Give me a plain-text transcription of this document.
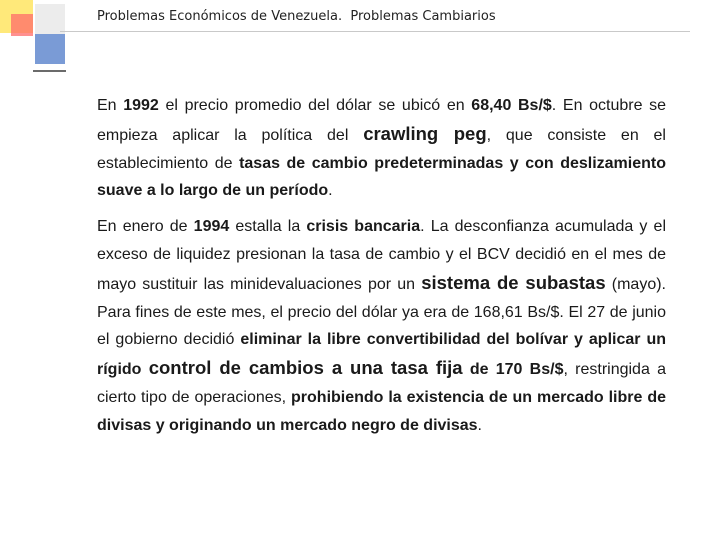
Problemas Económicos de Venezuela.  Problemas Cambiarios

En 1992 el precio promedio del dólar se ubicó en 68,40 Bs/$. En octubre se empieza aplicar la política del crawling peg, que consiste en el establecimiento de tasas de cambio predeterminadas y con deslizamiento suave a lo largo de un período.

En enero de 1994 estalla la crisis bancaria. La desconfianza acumulada y el exceso de liquidez presionan la tasa de cambio y el BCV decidió en el mes de mayo sustituir las minidevaluaciones por un sistema de subastas (mayo). Para fines de este mes, el precio del dólar ya era de 168,61 Bs/$. El 27 de junio el gobierno decidió eliminar la libre convertibilidad del bolívar y aplicar un rígido control de cambios a una tasa fija de 170 Bs/$, restringida a cierto tipo de operaciones, prohibiendo la existencia de un mercado libre de divisas y originando un mercado negro de divisas.
